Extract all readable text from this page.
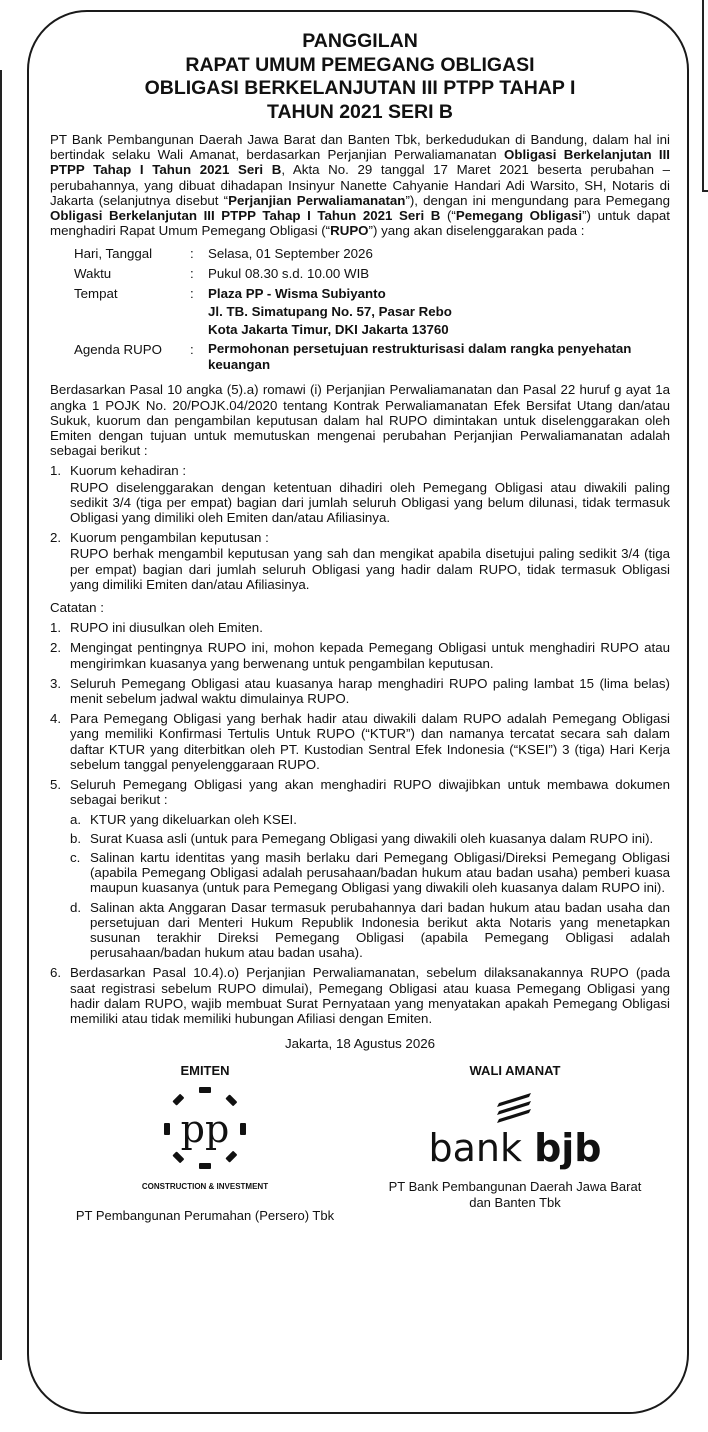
PANGGILAN
RAPAT UMUM PEMEGANG OBLIGASI
OBLIGASI BERKELANJUTAN III PTPP TAHAP I
TAHUN 2021 SERI B

PT Bank Pembangunan Daerah Jawa Barat dan Banten Tbk, berkedudukan di Bandung, dalam hal ini bertindak selaku Wali Amanat, berdasarkan Perjanjian Perwaliamanatan Obligasi Berkelanjutan III PTPP Tahap I Tahun 2021 Seri B, Akta No. 29 tanggal 17 Maret 2021 beserta perubahan – perubahannya, yang dibuat dihadapan Insinyur Nanette Cahyanie Handari Adi Warsito, SH, Notaris di Jakarta (selanjutnya disebut “Perjanjian Perwaliamanatan”), dengan ini mengundang para Pemegang Obligasi Berkelanjutan III PTPP Tahap I Tahun 2021 Seri B (“Pemegang Obligasi”) untuk dapat menghadiri Rapat Umum Pemegang Obligasi (“RUPO”) yang akan diselenggarakan pada :

Hari, Tanggal	:	Selasa, 01 September 2026
Waktu	:	Pukul 08.30 s.d. 10.00 WIB
Tempat	:	Plaza PP - Wisma Subiyanto
Jl. TB. Simatupang No. 57, Pasar Rebo
Kota Jakarta Timur, DKI Jakarta 13760

Agenda RUPO	:	Permohonan persetujuan restrukturisasi dalam rangka penyehatan keuangan

Berdasarkan Pasal 10 angka (5).a) romawi (i) Perjanjian Perwaliamanatan dan Pasal 22 huruf g ayat 1a angka 1 POJK No. 20/POJK.04/2020 tentang Kontrak Perwaliamanatan Efek Bersifat Utang dan/atau Sukuk, kuorum dan pengambilan keputusan dalam hal RUPO dimintakan untuk diselenggarakan oleh Emiten dengan tujuan untuk memutuskan mengenai perubahan Perjanjian Perwaliamanatan adalah sebagai berikut :

1. Kuorum kehadiran :
RUPO diselenggarakan dengan ketentuan dihadiri oleh Pemegang Obligasi atau diwakili paling sedikit 3/4 (tiga per empat) bagian dari jumlah seluruh Obligasi yang belum dilunasi, tidak termasuk Obligasi yang dimiliki oleh Emiten dan/atau Afiliasinya.
2. Kuorum pengambilan keputusan :
RUPO berhak mengambil keputusan yang sah dan mengikat apabila disetujui paling sedikit 3/4 (tiga per empat) bagian dari jumlah seluruh Obligasi yang hadir dalam RUPO, tidak termasuk Obligasi yang dimiliki Emiten dan/atau Afiliasinya.
Catatan :
1. RUPO ini diusulkan oleh Emiten.
2. Mengingat pentingnya RUPO ini, mohon kepada Pemegang Obligasi untuk menghadiri RUPO atau mengirimkan kuasanya yang berwenang untuk pengambilan keputusan.
3. Seluruh Pemegang Obligasi atau kuasanya harap menghadiri RUPO paling lambat 15 (lima belas) menit sebelum jadwal waktu dimulainya RUPO.
4. Para Pemegang Obligasi yang berhak hadir atau diwakili dalam RUPO adalah Pemegang Obligasi yang memiliki Konfirmasi Tertulis Untuk RUPO (“KTUR”) dan namanya tercatat secara sah dalam daftar KTUR yang diterbitkan oleh PT. Kustodian Sentral Efek Indonesia (“KSEI”) 3 (tiga) Hari Kerja sebelum tanggal penyelenggaraan RUPO.
5. Seluruh Pemegang Obligasi yang akan menghadiri RUPO diwajibkan untuk membawa dokumen sebagai berikut :
a. KTUR yang dikeluarkan oleh KSEI.
b. Surat Kuasa asli (untuk para Pemegang Obligasi yang diwakili oleh kuasanya dalam RUPO ini).
c. Salinan kartu identitas yang masih berlaku dari Pemegang Obligasi/Direksi Pemegang Obligasi (apabila Pemegang Obligasi adalah perusahaan/badan hukum atau badan usaha) pemberi kuasa maupun kuasanya (untuk para Pemegang Obligasi yang diwakili oleh kuasanya dalam RUPO ini).
d. Salinan akta Anggaran Dasar termasuk perubahannya dari badan hukum atau badan usaha dan persetujuan dari Menteri Hukum Republik Indonesia berikut akta Notaris yang menetapkan susunan terakhir Direksi Pemegang Obligasi (apabila Pemegang Obligasi adalah perusahaan/badan hukum atau badan usaha).
6. Berdasarkan Pasal 10.4).o) Perjanjian Perwaliamanatan, sebelum dilaksanakannya RUPO (pada saat registrasi sebelum RUPO dimulai), Pemegang Obligasi atau kuasa Pemegang Obligasi yang hadir dalam RUPO, wajib membuat Surat Pernyataan yang menyatakan apakah Pemegang Obligasi memiliki atau tidak memiliki hubungan Afiliasi dengan Emiten.
Jakarta, 18 Agustus 2026
EMITEN
pp
CONSTRUCTION & INVESTMENT
PT Pembangunan Perumahan (Persero) Tbk
WALI AMANAT
bank bjb
PT Bank Pembangunan Daerah Jawa Barat
dan Banten Tbk
